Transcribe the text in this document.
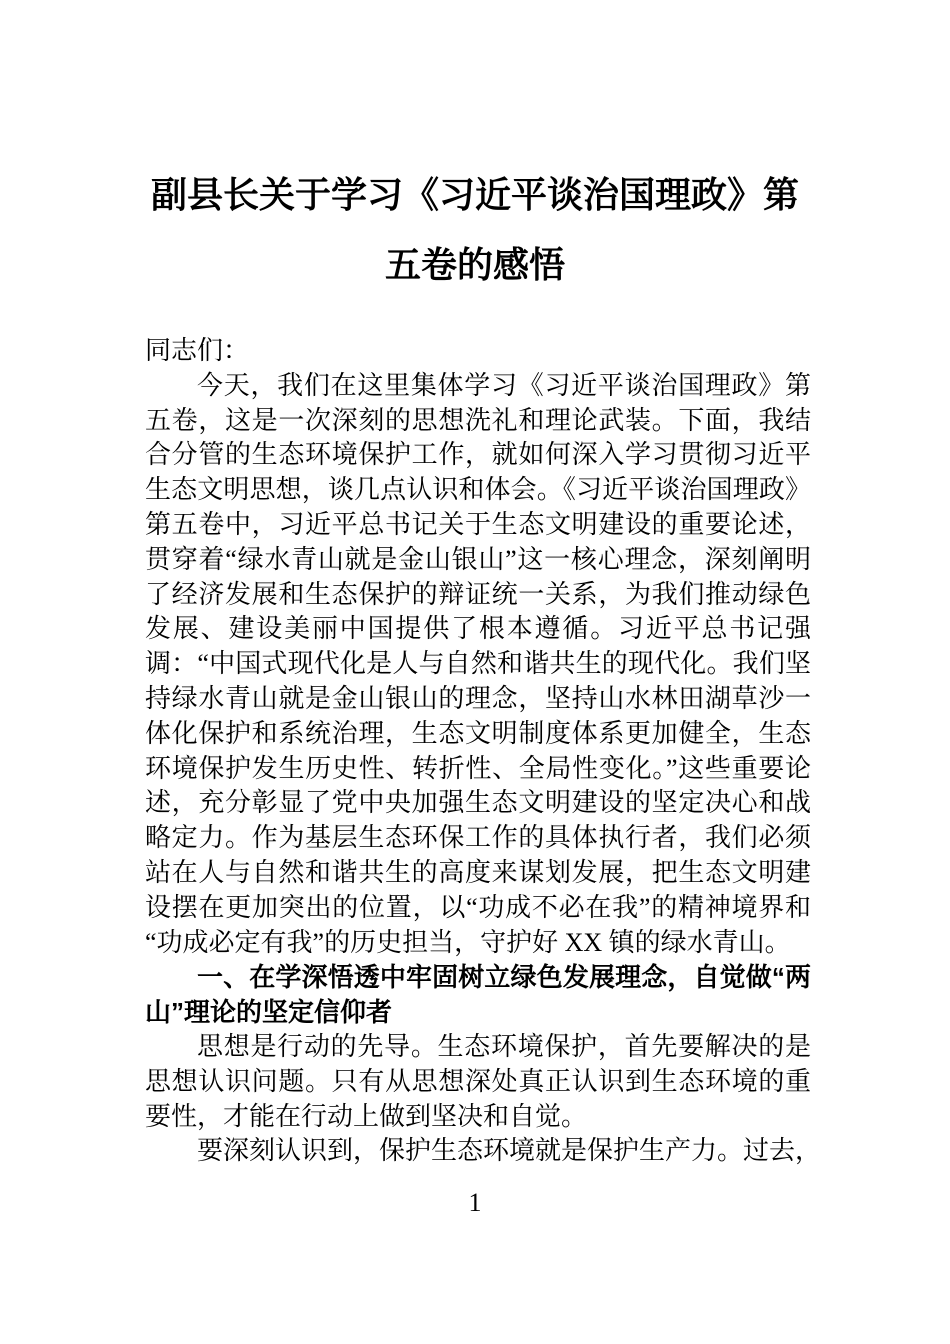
副县长关于学习《习近平谈治国理政》第五卷的感悟

同志们：

今天，我们在这里集体学习《习近平谈治国理政》第五卷，这是一次深刻的思想洗礼和理论武装。下面，我结合分管的生态环境保护工作，就如何深入学习贯彻习近平生态文明思想，谈几点认识和体会。《习近平谈治国理政》第五卷中，习近平总书记关于生态文明建设的重要论述，贯穿着“绿水青山就是金山银山”这一核心理念，深刻阐明了经济发展和生态保护的辩证统一关系，为我们推动绿色发展、建设美丽中国提供了根本遵循。习近平总书记强调：“中国式现代化是人与自然和谐共生的现代化。我们坚持绿水青山就是金山银山的理念，坚持山水林田湖草沙一体化保护和系统治理，生态文明制度体系更加健全，生态环境保护发生历史性、转折性、全局性变化。”这些重要论述，充分彰显了党中央加强生态文明建设的坚定决心和战略定力。作为基层生态环保工作的具体执行者，我们必须站在人与自然和谐共生的高度来谋划发展，把生态文明建设摆在更加突出的位置，以“功成不必在我”的精神境界和“功成必定有我”的历史担当，守护好 XX 镇的绿水青山。

一、在学深悟透中牢固树立绿色发展理念，自觉做“两山”理论的坚定信仰者

思想是行动的先导。生态环境保护，首先要解决的是思想认识问题。只有从思想深处真正认识到生态环境的重要性，才能在行动上做到坚决和自觉。

要深刻认识到，保护生态环境就是保护生产力。过去，

1
